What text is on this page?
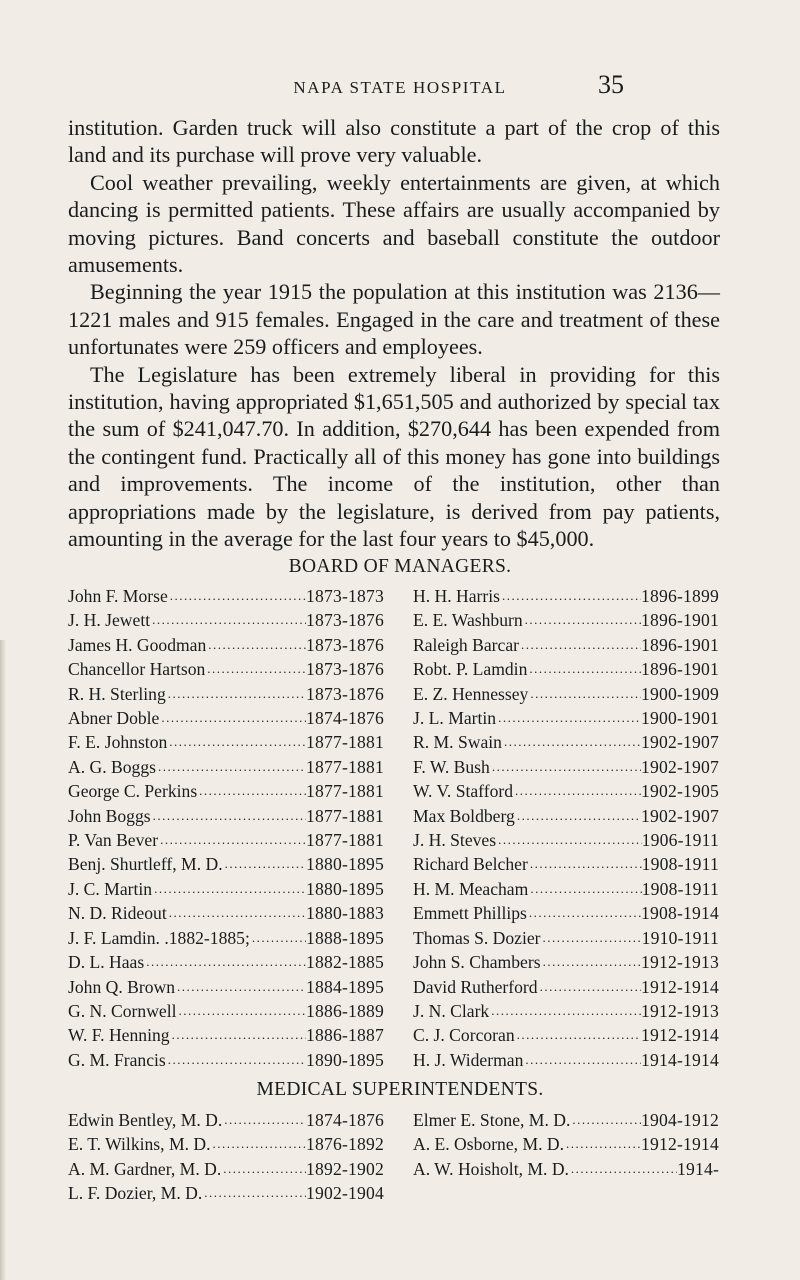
NAPA STATE HOSPITAL	35

institution. Garden truck will also constitute a part of the crop of this land and its purchase will prove very valuable.

Cool weather prevailing, weekly entertainments are given, at which dancing is permitted patients. These affairs are usually accompanied by moving pictures. Band concerts and baseball constitute the outdoor amusements.

Beginning the year 1915 the population at this institution was 2136—1221 males and 915 females. Engaged in the care and treatment of these unfortunates were 259 officers and employees.

The Legislature has been extremely liberal in providing for this institution, having appropriated $1,651,505 and authorized by special tax the sum of $241,047.70. In addition, $270,644 has been expended from the contingent fund. Practically all of this money has gone into buildings and improvements. The income of the institution, other than appropriations made by the legislature, is derived from pay patients, amounting in the average for the last four years to $45,000.

BOARD OF MANAGERS.
John F. Morse .....	1873-1873
J. H. Jewett .....	1873-1876
James H. Goodman .....	1873-1876
Chancellor Hartson .....	1873-1876
R. H. Sterling .....	1873-1876
Abner Doble .....	1874-1876
F. E. Johnston .....	1877-1881
A. G. Boggs .....	1877-1881
George C. Perkins .....	1877-1881
John Boggs .....	1877-1881
P. Van Bever .....	1877-1881
Benj. Shurtleff, M. D. .....	1880-1895
J. C. Martin .....	1880-1895
N. D. Rideout .....	1880-1883
J. F. Lamdin. .1882-1885; .....	1888-1895
D. L. Haas .....	1882-1885
John Q. Brown .....	1884-1895
G. N. Cornwell .....	1886-1889
W. F. Henning .....	1886-1887
G. M. Francis .....	1890-1895
H. H. Harris .....	1896-1899
E. E. Washburn .....	1896-1901
Raleigh Barcar .....	1896-1901
Robt. P. Lamdin .....	1896-1901
E. Z. Hennessey .....	1900-1909
J. L. Martin .....	1900-1901
R. M. Swain .....	1902-1907
F. W. Bush .....	1902-1907
W. V. Stafford .....	1902-1905
Max Boldberg .....	1902-1907
J. H. Steves .....	1906-1911
Richard Belcher .....	1908-1911
H. M. Meacham .....	1908-1911
Emmett Phillips .....	1908-1914
Thomas S. Dozier .....	1910-1911
John S. Chambers .....	1912-1913
David Rutherford .....	1912-1914
J. N. Clark .....	1912-1913
C. J. Corcoran .....	1912-1914
H. J. Widerman .....	1914-1914
MEDICAL SUPERINTENDENTS.
Edwin Bentley, M. D. .....	1874-1876
E. T. Wilkins, M. D. .....	1876-1892
A. M. Gardner, M. D. .....	1892-1902
L. F. Dozier, M. D. .....	1902-1904
Elmer E. Stone, M. D. .....	1904-1912
A. E. Osborne, M. D. .....	1912-1914
A. W. Hoisholt, M. D. .....	1914-
